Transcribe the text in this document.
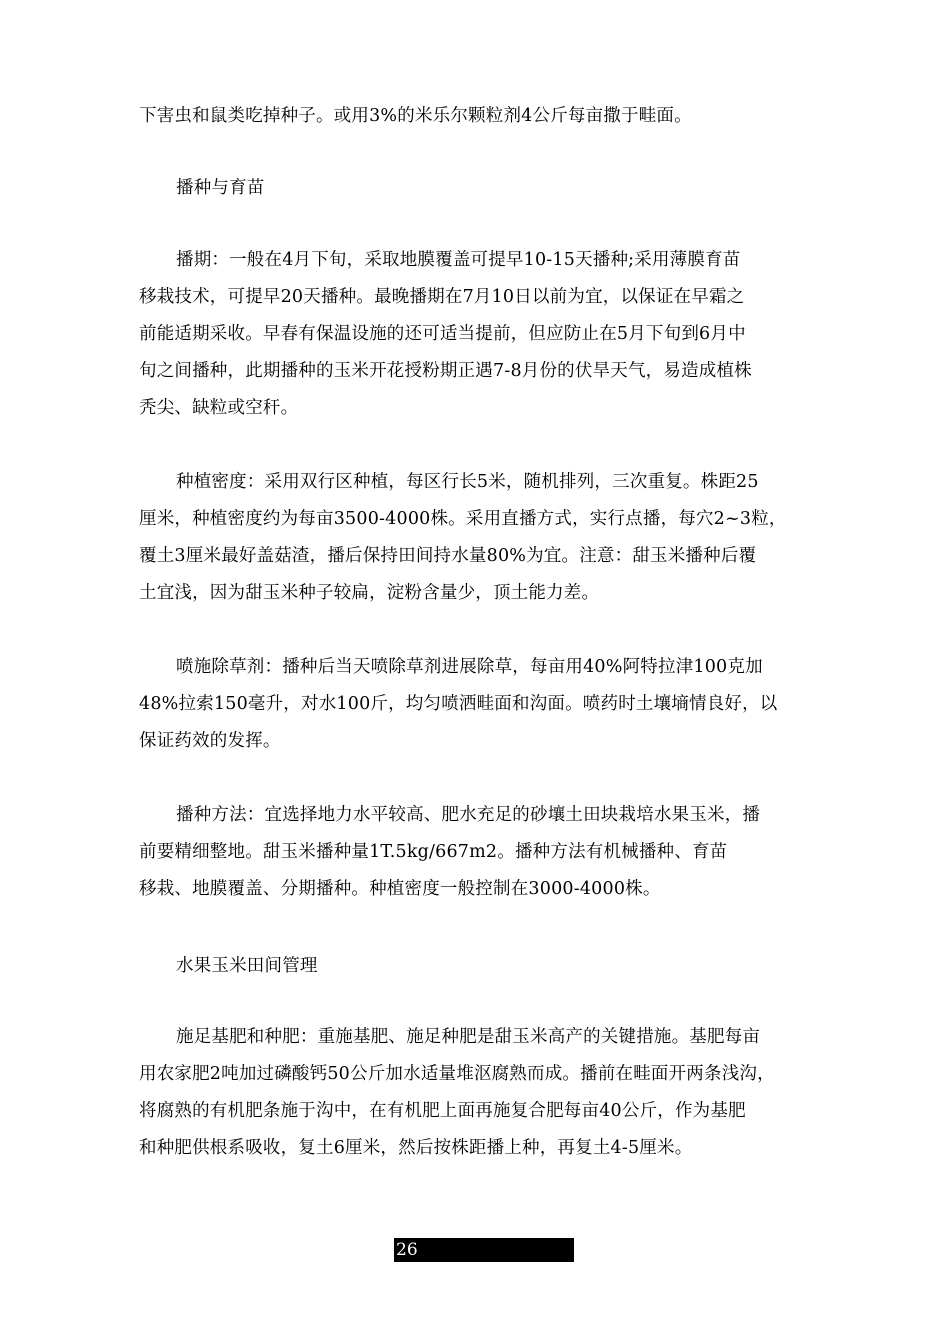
下害虫和鼠类吃掉种子。或用3%的米乐尔颗粒剂4公斤每亩撒于畦面。
播种与育苗
播期：一般在4月下旬，采取地膜覆盖可提早10-15天播种;采用薄膜育苗
移栽技术，可提早20天播种。最晚播期在7月10日以前为宜，以保证在早霜之
前能适期采收。早春有保温设施的还可适当提前，但应防止在5月下旬到6月中
旬之间播种，此期播种的玉米开花授粉期正遇7-8月份的伏旱天气，易造成植株
秃尖、缺粒或空秆。
种植密度：采用双行区种植，每区行长5米，随机排列，三次重复。株距25
厘米，种植密度约为每亩3500-4000株。采用直播方式，实行点播，每穴2~3粒，
覆土3厘米最好盖菇渣，播后保持田间持水量80%为宜。注意：甜玉米播种后覆
土宜浅，因为甜玉米种子较扁，淀粉含量少，顶土能力差。
喷施除草剂：播种后当天喷除草剂进展除草，每亩用40%阿特拉津100克加
48%拉索150毫升，对水100斤，均匀喷洒畦面和沟面。喷药时土壤墒情良好，以
保证药效的发挥。
播种方法：宜选择地力水平较高、肥水充足的砂壤土田块栽培水果玉米，播
前要精细整地。甜玉米播种量1T.5kg/667m2。播种方法有机械播种、育苗
移栽、地膜覆盖、分期播种。种植密度一般控制在3000-4000株。
水果玉米田间管理
施足基肥和种肥：重施基肥、施足种肥是甜玉米高产的关键措施。基肥每亩
用农家肥2吨加过磷酸钙50公斤加水适量堆沤腐熟而成。播前在畦面开两条浅沟，
将腐熟的有机肥条施于沟中，在有机肥上面再施复合肥每亩40公斤，作为基肥
和种肥供根系吸收，复土6厘米，然后按株距播上种，再复土4-5厘米。
26
